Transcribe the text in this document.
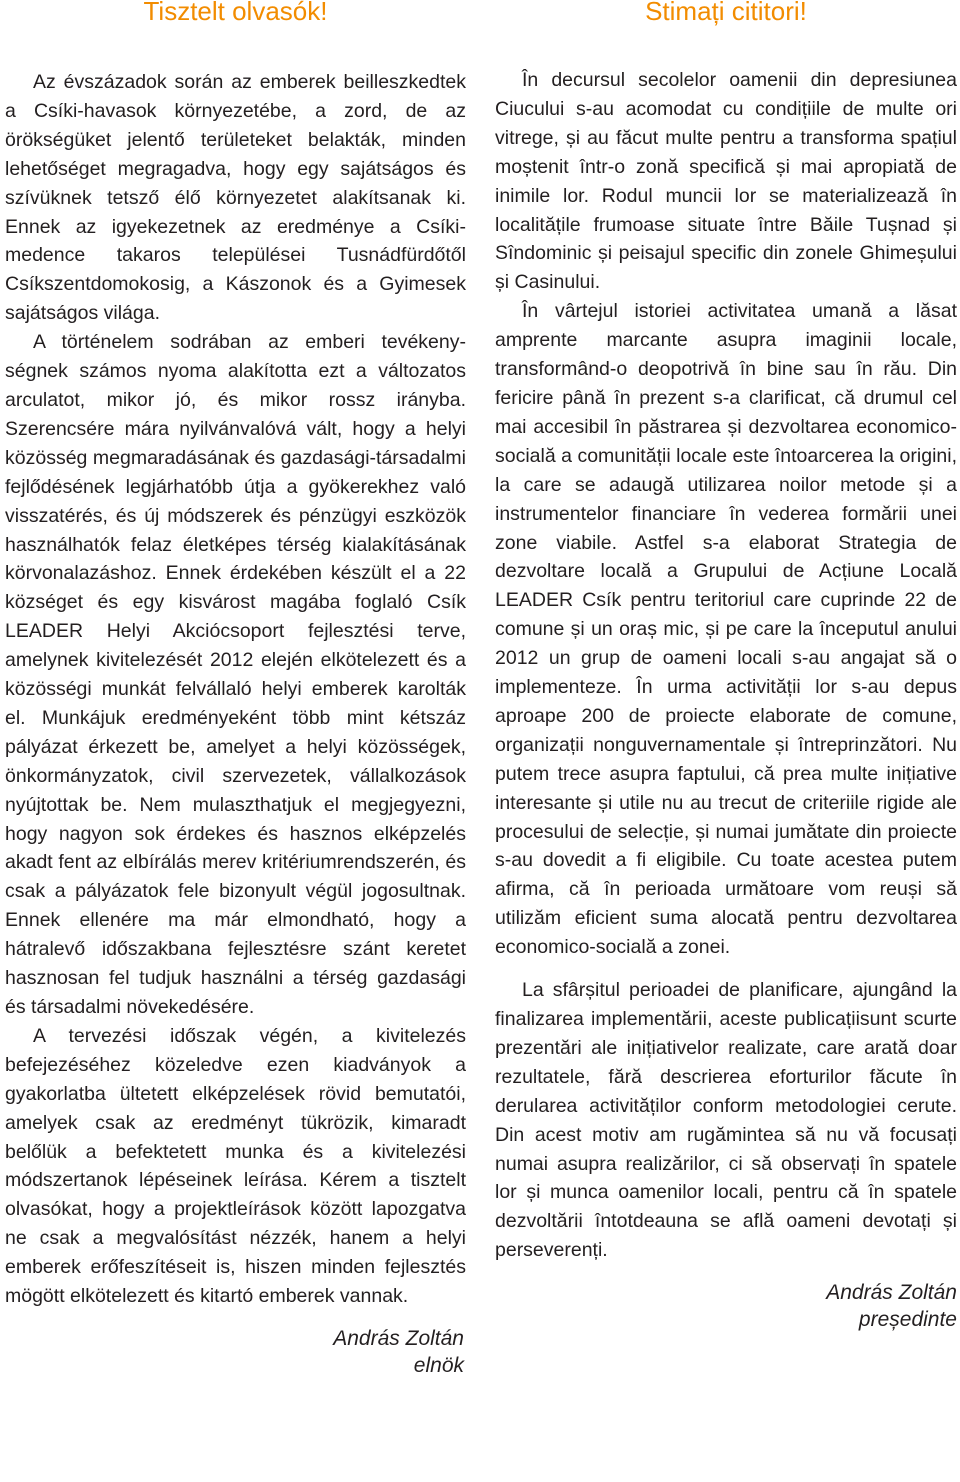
Tisztelt olvasók!

Az évszázadok során az emberek beilleszkedtek a Csíki-havasok környezetébe, a zord, de az örökségüket jelentő területeket belakták, minden lehetőséget megragadva, hogy egy sajátságos és szívüknek tetsző élő környezetet alakítsanak ki. Ennek az igyekezetnek az eredménye a Csíki-medence takaros települései Tusnádfürdőtől Csíkszentdomokosig, a Kászonok és a Gyimesek sajátságos világa.

A történelem sodrában az emberi tevékenységnek számos nyoma alakította ezt a változatos arculatot, mikor jó, és mikor rossz irányba. Szerencsére mára nyilvánvalóvá vált, hogy a helyi közösség megmaradásának és gazdasági-társadalmi fejlődésének legjárhatóbb útja a gyökerekhez való visszatérés, és új módszerek és pénzügyi eszközök használhatók felaz életképes térség kialakításának körvonalazáshoz. Ennek érdekében készült el a 22 községet és egy kisvárost magába foglaló Csík LEADER Helyi Akciócsoport fejlesztési terve, amelynek kivitelezését 2012 elején elkötelezett és a közösségi munkát felvállaló helyi emberek karolták el. Munkájuk eredményeként több mint kétszáz pályázat érkezett be, amelyet a helyi közösségek, önkormányzatok, civil szervezetek, vállalkozások nyújtottak be. Nem mulaszthatjuk el megjegyezni, hogy nagyon sok érdekes és hasznos elképzelés akadt fent az elbírálás merev kritériumrendszerén, és csak a pályázatok fele bizonyult végül jogosultnak. Ennek ellenére ma már elmondható, hogy a hátralevő időszakbana fejlesztésre szánt keretet hasznosan fel tudjuk használni a térség gazdasági és társadalmi növekedésére.

A tervezési időszak végén, a kivitelezés befejezéséhez közeledve ezen kiadványok a gyakorlatba ültetett elképzelések rövid bemutatói, amelyek csak az eredményt tükrözik, kimaradt belőlük a befektetett munka és a kivitelezési módszertanok lépéseinek leírása. Kérem a tisztelt olvasókat, hogy a projektleírások között lapozgatva ne csak a megvalósítást nézzék, hanem a helyi emberek erőfeszítéseit is, hiszen minden fejlesztés mögött elkötelezett és kitartó emberek vannak.

András Zoltán
elnök
Stimați cititori!

În decursul secolelor oamenii din depresiunea Ciucului s-au acomodat cu condițiile de multe ori vitrege, și au făcut multe pentru a transforma spațiul moștenit într-o zonă specifică și mai apropiată de inimile lor. Rodul muncii lor se materializează în localitățile frumoase situate între Băile Tușnad și Sîndominic și peisajul specific din zonele Ghimeșului și Casinului.

În vârtejul istoriei activitatea umană a lăsat amprente marcante asupra imaginii locale, transformând-o deopotrivă în bine sau în rău. Din fericire până în prezent s-a clarificat, că drumul cel mai accesibil în păstrarea și dezvoltarea economico-socială a comunității locale este întoarcerea la origini, la care se adaugă utilizarea noilor metode și a instrumentelor financiare în vederea formării unei zone viabile. Astfel s-a elaborat Strategia de dezvoltare locală a Grupului de Acțiune Locală LEADER Csík pentru teritoriul care cuprinde 22 de comune și un oraș mic, și pe care la începutul anului 2012 un grup de oameni locali s-au angajat să o implementeze. În urma activității lor s-au depus aproape 200 de proiecte elaborate de comune, organizații nonguvernamentale și întreprinzători. Nu putem trece asupra faptului, că prea multe inițiative interesante și utile nu au trecut de criteriile rigide ale procesului de selecție, și numai jumătate din proiecte s-au dovedit a fi eligibile. Cu toate acestea putem afirma, că în perioada următoare vom reuși să utilizăm eficient suma alocată pentru dezvoltarea economico-socială a zonei.

La sfârșitul perioadei de planificare, ajungând la finalizarea implementării, aceste publicațiisunt scurte prezentări ale inițiativelor realizate, care arată doar rezultatele, fără descrierea eforturilor făcute în derularea activităților conform metodologiei cerute. Din acest motiv am rugămintea să nu vă focusați numai asupra realizărilor, ci să observați în spatele lor și munca oamenilor locali, pentru că în spatele dezvoltării întotdeauna se află oameni devotați și perseverenți.

András Zoltán
președinte
